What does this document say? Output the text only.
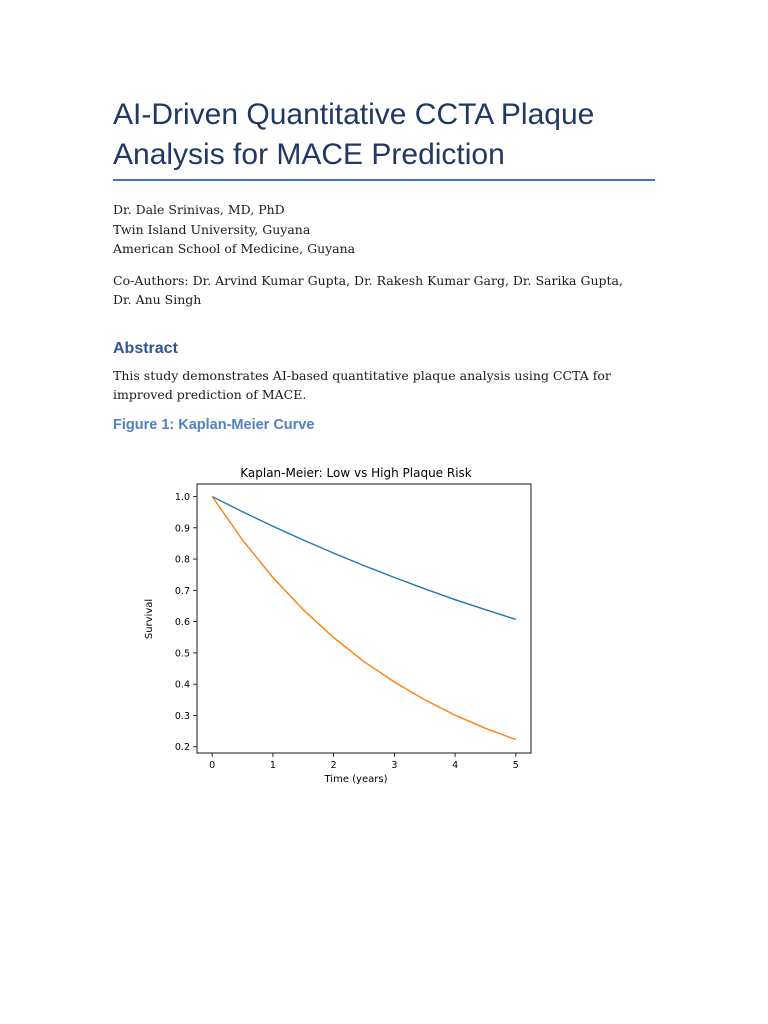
AI-Driven Quantitative CCTA Plaque Analysis for MACE Prediction
Dr. Dale Srinivas, MD, PhD
Twin Island University, Guyana
American School of Medicine, Guyana
Co-Authors: Dr. Arvind Kumar Gupta, Dr. Rakesh Kumar Garg, Dr. Sarika Gupta, Dr. Anu Singh
Abstract

This study demonstrates AI-based quantitative plaque analysis using CCTA for improved prediction of MACE.

Figure 1: Kaplan-Meier Curve
Kaplan-Meier: Low vs High Plaque Risk
Time (years)
Survival
0	1	2	3	4	5
0.2
0.3
0.4
0.5
0.6
0.7
0.8
0.9
1.0
